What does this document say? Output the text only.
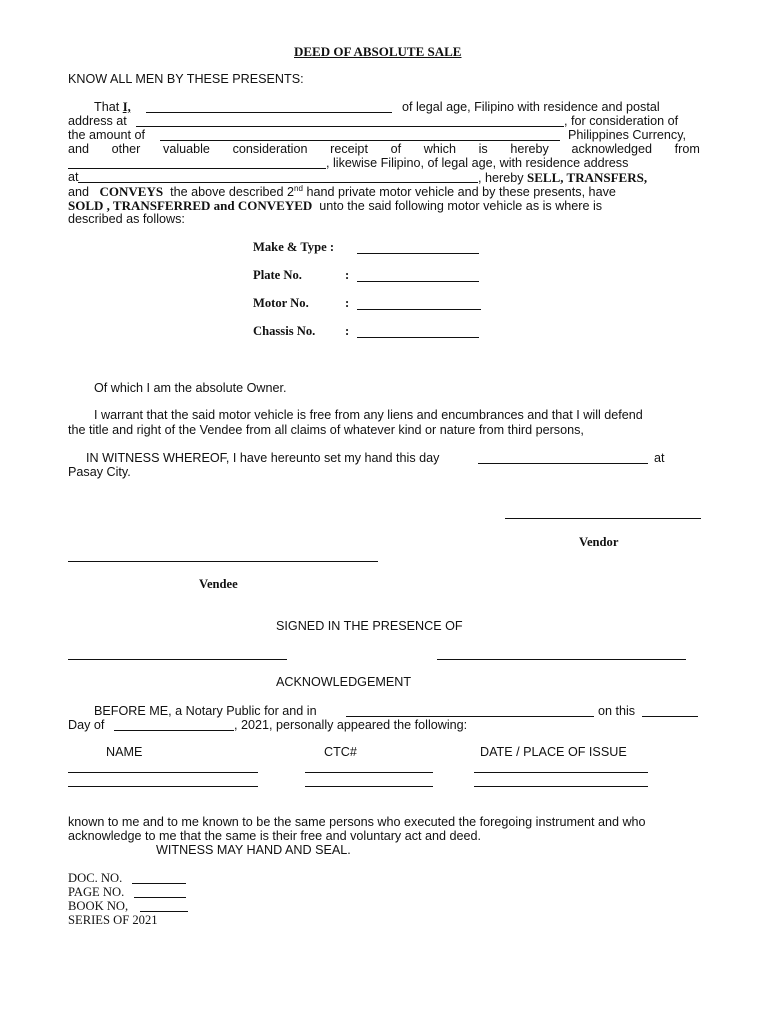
DEED OF ABSOLUTE SALE
KNOW ALL MEN BY THESE PRESENTS:
That I,	of legal age, Filipino with residence and postal
address at	, for consideration of
the amount of	Philippines Currency,
and other valuable consideration receipt of which is hereby acknowledged from
, likewise Filipino, of legal age, with residence address
at	, hereby SELL, TRANSFERS,
and CONVEYS the above described 2nd hand private motor vehicle and by these presents, have
SOLD , TRANSFERRED and CONVEYED unto the said following motor vehicle as is where is
described as follows:
Make & Type :
Plate No.	:
Motor No.	:
Chassis No. :
Of which I am the absolute Owner.
I warrant that the said motor vehicle is free from any liens and encumbrances and that I will defend
the title and right of the Vendee from all claims of whatever kind or nature from third persons,
IN WITNESS WHEREOF, I have hereunto set my hand this day	at
Pasay City.
Vendor
Vendee
SIGNED IN THE PRESENCE OF
ACKNOWLEDGEMENT
BEFORE ME, a Notary Public for and in	on this
Day of	, 2021, personally appeared the following:
NAME	CTC#	DATE / PLACE OF ISSUE
known to me and to me known to be the same persons who executed the foregoing instrument and who
acknowledge to me that the same is their free and voluntary act and deed.
WITNESS MAY HAND AND SEAL.
DOC. NO.
PAGE NO.
BOOK NO,
SERIES OF 2021
